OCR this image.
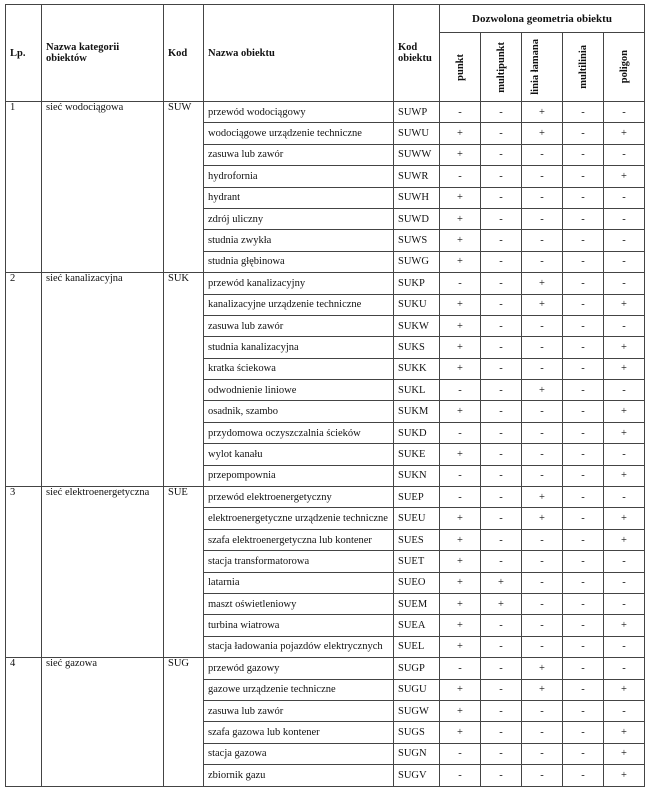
Lp.	Nazwa kategorii obiektów	Kod	Nazwa obiektu	Kod obiektu	Dozwolona geometria obiektu				

					punkt	multipunkt	linia łamana	multilinia	poligon

1	sieć wodociągowa	SUW	przewód wodociągowy	SUWP	-	-	+	-	-
			wodociągowe urządzenie techniczne	SUWU	+	-	+	-	+
			zasuwa lub zawór	SUWW	+	-	-	-	-
			hydrofornia	SUWR	-	-	-	-	+
			hydrant	SUWH	+	-	-	-	-
			zdrój uliczny	SUWD	+	-	-	-	-
			studnia zwykła	SUWS	+	-	-	-	-
			studnia głębinowa	SUWG	+	-	-	-	-
2	sieć kanalizacyjna	SUK	przewód kanalizacyjny	SUKP	-	-	+	-	-
			kanalizacyjne urządzenie techniczne	SUKU	+	-	+	-	+
			zasuwa lub zawór	SUKW	+	-	-	-	-
			studnia kanalizacyjna	SUKS	+	-	-	-	+
			kratka ściekowa	SUKK	+	-	-	-	+
			odwodnienie liniowe	SUKL	-	-	+	-	-
			osadnik, szambo	SUKM	+	-	-	-	+
			przydomowa oczyszczalnia ścieków	SUKD	-	-	-	-	+
			wylot kanału	SUKE	+	-	-	-	-
			przepompownia	SUKN	-	-	-	-	+
3	sieć elektroenergetyczna	SUE	przewód elektroenergetyczny	SUEP	-	-	+	-	-
			elektroenergetyczne urządzenie techniczne	SUEU	+	-	+	-	+
			szafa elektroenergetyczna lub kontener	SUES	+	-	-	-	+
			stacja transformatorowa	SUET	+	-	-	-	-
			latarnia	SUEO	+	+	-	-	-
			maszt oświetleniowy	SUEM	+	+	-	-	-
			turbina wiatrowa	SUEA	+	-	-	-	+
			stacja ładowania pojazdów elektrycznych	SUEL	+	-	-	-	-
4	sieć gazowa	SUG	przewód gazowy	SUGP	-	-	+	-	-
			gazowe urządzenie techniczne	SUGU	+	-	+	-	+
			zasuwa lub zawór	SUGW	+	-	-	-	-
			szafa gazowa lub kontener	SUGS	+	-	-	-	+
			stacja gazowa	SUGN	-	-	-	-	+
			zbiornik gazu	SUGV	-	-	-	-	+
